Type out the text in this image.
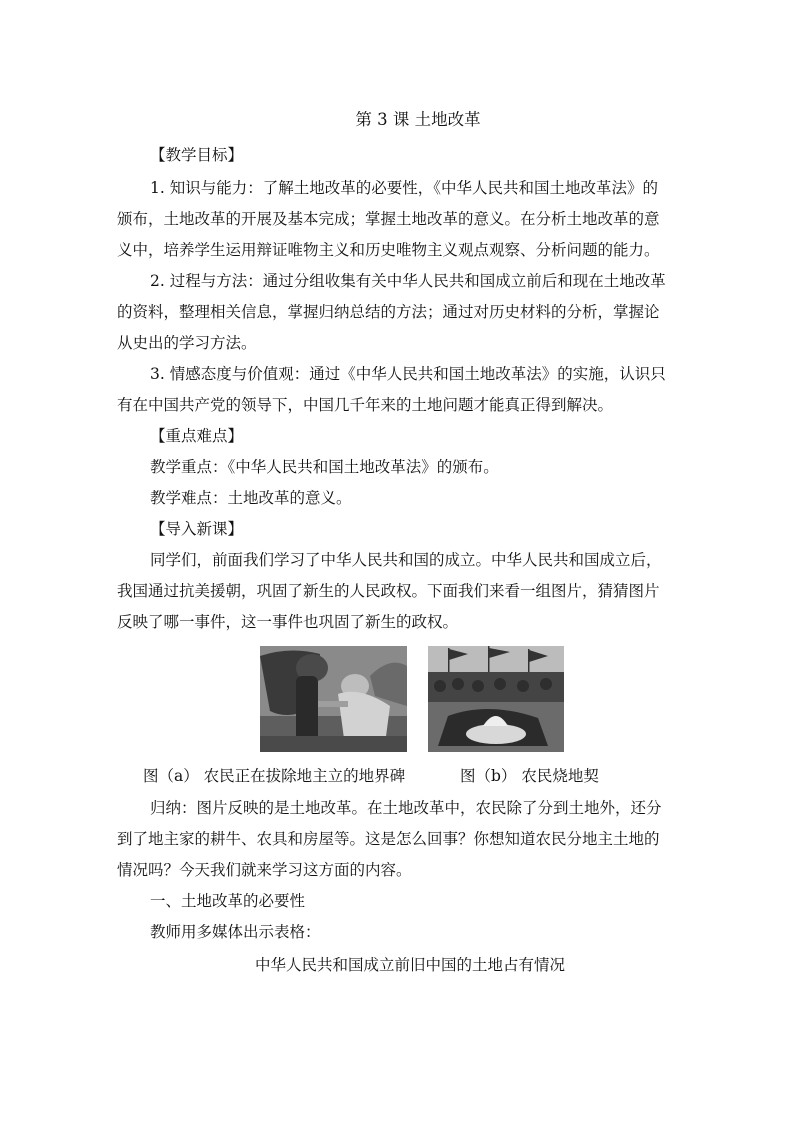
第 3 课 土地改革
【教学目标】
1. 知识与能力：了解土地改革的必要性，《中华人民共和国土地改革法》的
颁布，土地改革的开展及基本完成；掌握土地改革的意义。在分析土地改革的意
义中，培养学生运用辩证唯物主义和历史唯物主义观点观察、分析问题的能力。
2. 过程与方法：通过分组收集有关中华人民共和国成立前后和现在土地改革
的资料，整理相关信息，掌握归纳总结的方法；通过对历史材料的分析，掌握论
从史出的学习方法。
3. 情感态度与价值观：通过《中华人民共和国土地改革法》的实施，认识只
有在中国共产党的领导下，中国几千年来的土地问题才能真正得到解决。
【重点难点】
教学重点：《中华人民共和国土地改革法》的颁布。
教学难点：土地改革的意义。
【导入新课】
同学们，前面我们学习了中华人民共和国的成立。中华人民共和国成立后，
我国通过抗美援朝，巩固了新生的人民政权。下面我们来看一组图片，猜猜图片
反映了哪一事件，这一事件也巩固了新生的政权。
图（a） 农民正在拔除地主立的地界碑	图（b） 农民烧地契
归纳：图片反映的是土地改革。在土地改革中，农民除了分到土地外，还分
到了地主家的耕牛、农具和房屋等。这是怎么回事？你想知道农民分地主土地的
情况吗？今天我们就来学习这方面的内容。
一、土地改革的必要性
教师用多媒体出示表格：
中华人民共和国成立前旧中国的土地占有情况
